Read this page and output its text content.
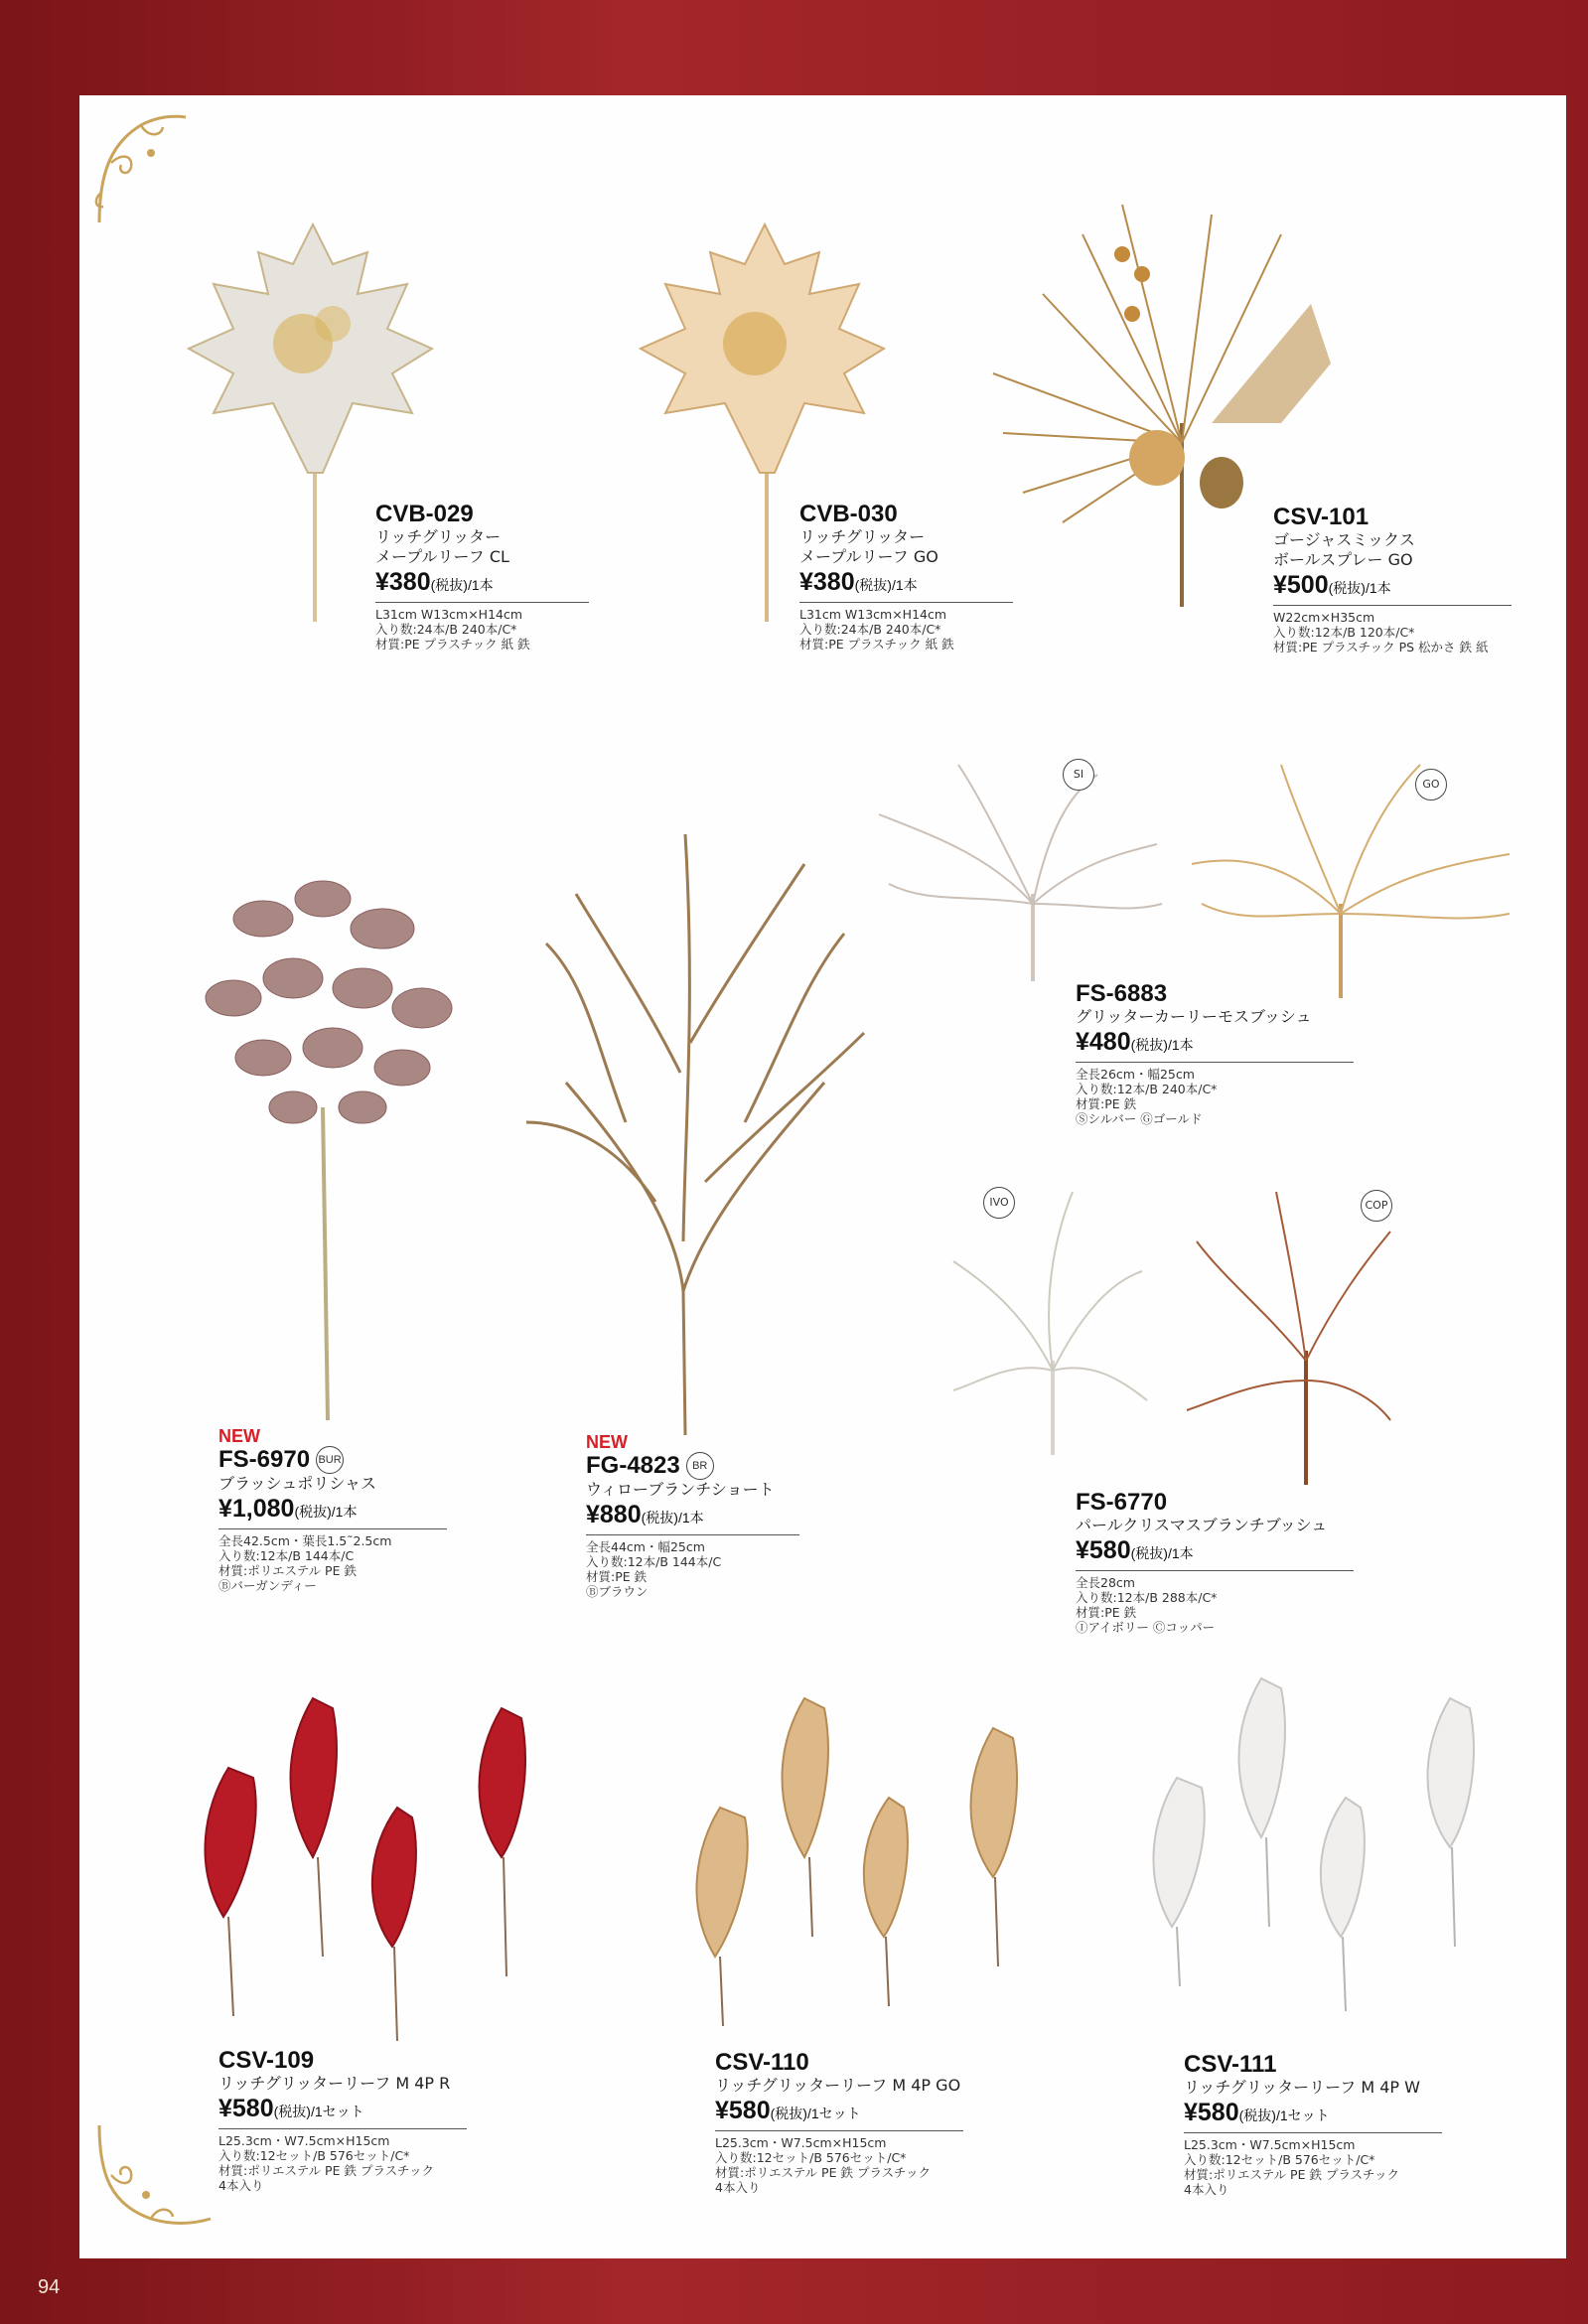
94
SI
GO
IVO	COP
CVB-029
リッチグリッター
メープルリーフ CL
¥380(税抜)/1本
L31cm W13cm×H14cm
入り数:24本/B 240本/C*
材質:PE プラスチック 紙 鉄
CVB-030
リッチグリッター
メープルリーフ GO
¥380(税抜)/1本
L31cm W13cm×H14cm
入り数:24本/B 240本/C*
材質:PE プラスチック 紙 鉄
CSV-101
ゴージャスミックス
ボールスプレー GO
¥500(税抜)/1本
W22cm×H35cm
入り数:12本/B 120本/C*
材質:PE プラスチック PS 松かさ 鉄 紙
FS-6883
グリッターカーリーモスブッシュ
¥480(税抜)/1本
全長26cm・幅25cm
入り数:12本/B 240本/C*
材質:PE 鉄
Ⓢシルバー Ⓖゴールド
NEW
FS-6970 BUR
ブラッシュポリシャス
¥1,080(税抜)/1本
全長42.5cm・葉長1.5˜2.5cm
入り数:12本/B 144本/C
材質:ポリエステル PE 鉄
Ⓑバーガンディー
NEW
FG-4823	BR
ウィローブランチショート
¥880(税抜)/1本
全長44cm・幅25cm
入り数:12本/B 144本/C
材質:PE 鉄
Ⓑブラウン
FS-6770
パールクリスマスブランチブッシュ
¥580(税抜)/1本
全長28cm
入り数:12本/B 288本/C*
材質:PE 鉄
Ⓘアイボリー Ⓒコッパー
CSV-109
リッチグリッターリーフ M 4P R
¥580(税抜)/1セット
L25.3cm・W7.5cm×H15cm
入り数:12セット/B 576セット/C*
材質:ポリエステル PE 鉄 プラスチック
4本入り
CSV-110
リッチグリッターリーフ M 4P GO
¥580(税抜)/1セット
L25.3cm・W7.5cm×H15cm
入り数:12セット/B 576セット/C*
材質:ポリエステル PE 鉄 プラスチック
4本入り
CSV-111
リッチグリッターリーフ M 4P W
¥580(税抜)/1セット
L25.3cm・W7.5cm×H15cm
入り数:12セット/B 576セット/C*
材質:ポリエステル PE 鉄 プラスチック
4本入り
